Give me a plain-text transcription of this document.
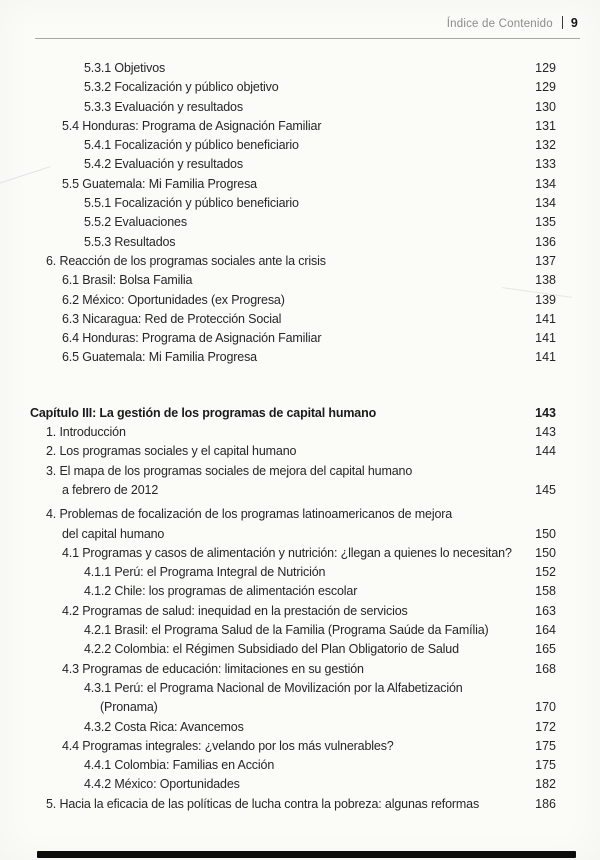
Índice de Contenido 9
5.3.1 Objetivos	129
5.3.2 Focalización y público objetivo	129
5.3.3 Evaluación y resultados	130
5.4 Honduras: Programa de Asignación Familiar	131
5.4.1 Focalización y público beneficiario	132
5.4.2 Evaluación y resultados	133
5.5 Guatemala: Mi Familia Progresa	134
5.5.1 Focalización y público beneficiario	134
5.5.2 Evaluaciones	135
5.5.3 Resultados	136
6. Reacción de los programas sociales ante la crisis	137
6.1 Brasil: Bolsa Familia	138
6.2 México: Oportunidades (ex Progresa)	139
6.3 Nicaragua: Red de Protección Social	141
6.4 Honduras: Programa de Asignación Familiar	141
6.5 Guatemala: Mi Familia Progresa	141
Capítulo III: La gestión de los programas de capital humano	143
1. Introducción	143
2. Los programas sociales y el capital humano	144
3. El mapa de los programas sociales de mejora del capital humano
a febrero de 2012	145
4. Problemas de focalización de los programas latinoamericanos de mejora
del capital humano	150
4.1 Programas y casos de alimentación y nutrición: ¿llegan a quienes lo necesitan?	150
4.1.1 Perú: el Programa Integral de Nutrición	152
4.1.2 Chile: los programas de alimentación escolar	158
4.2 Programas de salud: inequidad en la prestación de servicios	163
4.2.1 Brasil: el Programa Salud de la Familia (Programa Saúde da Família)	164
4.2.2 Colombia: el Régimen Subsidiado del Plan Obligatorio de Salud	165
4.3 Programas de educación: limitaciones en su gestión	168
4.3.1 Perú: el Programa Nacional de Movilización por la Alfabetización
(Pronama)	170
4.3.2 Costa Rica: Avancemos	172
4.4 Programas integrales: ¿velando por los más vulnerables?	175
4.4.1 Colombia: Familias en Acción	175
4.4.2 México: Oportunidades	182
5. Hacia la eficacia de las políticas de lucha contra la pobreza: algunas reformas	186
